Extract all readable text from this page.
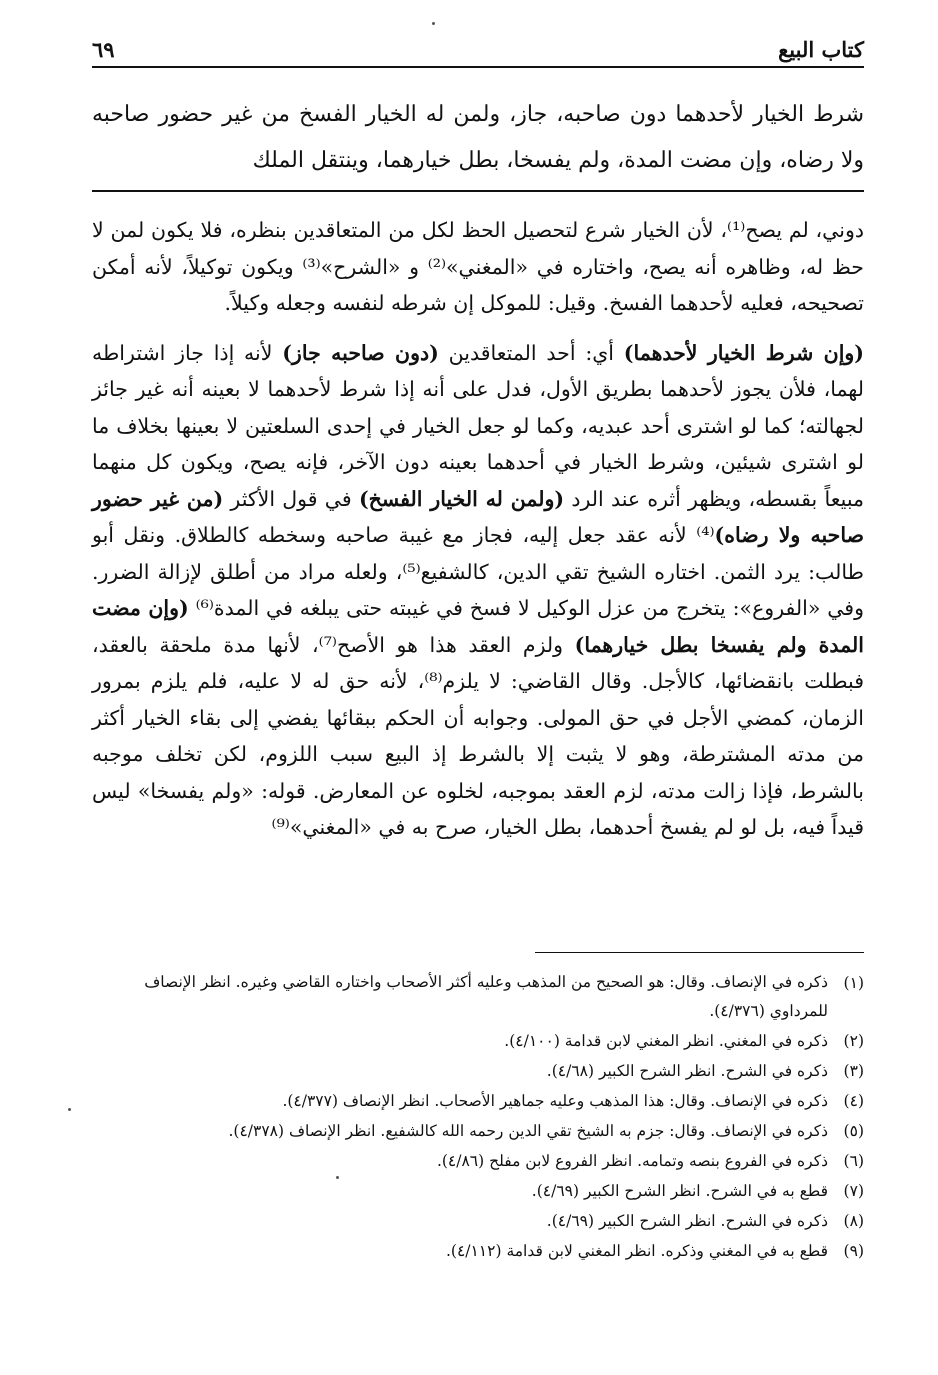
كتاب البيع
٦٩

شرط الخيار لأحدهما دون صاحبه، جاز، ولمن له الخيار الفسخ من غير حضور صاحبه ولا رضاه، وإن مضت المدة، ولم يفسخا، بطل خيارهما، وينتقل الملك

دوني، لم يصح⁽¹⁾، لأن الخيار شرع لتحصيل الحظ لكل من المتعاقدين بنظره، فلا يكون لمن لا حظ له، وظاهره أنه يصح، واختاره في «المغني»⁽²⁾ و «الشرح»⁽³⁾ ويكون توكيلاً، لأنه أمكن تصحيحه، فعليه لأحدهما الفسخ. وقيل: للموكل إن شرطه لنفسه وجعله وكيلاً.

(وإن شرط الخيار لأحدهما) أي: أحد المتعاقدين (دون صاحبه جاز) لأنه إذا جاز اشتراطه لهما، فلأن يجوز لأحدهما بطريق الأول، فدل على أنه إذا شرط لأحدهما لا بعينه أنه غير جائز لجهالته؛ كما لو اشترى أحد عبديه، وكما لو جعل الخيار في إحدى السلعتين لا بعينها بخلاف ما لو اشترى شيئين، وشرط الخيار في أحدهما بعينه دون الآخر، فإنه يصح، ويكون كل منهما مبيعاً بقسطه، ويظهر أثره عند الرد (ولمن له الخيار الفسخ) في قول الأكثر (من غير حضور صاحبه ولا رضاه)⁽⁴⁾ لأنه عقد جعل إليه، فجاز مع غيبة صاحبه وسخطه كالطلاق. ونقل أبو طالب: يرد الثمن. اختاره الشيخ تقي الدين، كالشفيع⁽⁵⁾، ولعله مراد من أطلق لإزالة الضرر. وفي «الفروع»: يتخرج من عزل الوكيل لا فسخ في غيبته حتى يبلغه في المدة⁽⁶⁾ (وإن مضت المدة ولم يفسخا بطل خيارهما) ولزم العقد هذا هو الأصح⁽⁷⁾، لأنها مدة ملحقة بالعقد، فبطلت بانقضائها، كالأجل. وقال القاضي: لا يلزم⁽⁸⁾، لأنه حق له لا عليه، فلم يلزم بمرور الزمان، كمضي الأجل في حق المولى. وجوابه أن الحكم ببقائها يفضي إلى بقاء الخيار أكثر من مدته المشترطة، وهو لا يثبت إلا بالشرط إذ البيع سبب اللزوم، لكن تخلف موجبه بالشرط، فإذا زالت مدته، لزم العقد بموجبه، لخلوه عن المعارض. قوله: «ولم يفسخا» ليس قيداً فيه، بل لو لم يفسخ أحدهما، بطل الخيار، صرح به في «المغني»⁽⁹⁾

(١)
ذكره في الإنصاف. وقال: هو الصحيح من المذهب وعليه أكثر الأصحاب واختاره القاضي وغيره. انظر الإنصاف للمرداوي (٤/٣٧٦).
(٢)
ذكره في المغني. انظر المغني لابن قدامة (٤/١٠٠).
(٣)
ذكره في الشرح. انظر الشرح الكبير (٤/٦٨).
(٤)
ذكره في الإنصاف. وقال: هذا المذهب وعليه جماهير الأصحاب. انظر الإنصاف (٤/٣٧٧).
(٥)
ذكره في الإنصاف. وقال: جزم به الشيخ تقي الدين رحمه الله كالشفيع. انظر الإنصاف (٤/٣٧٨).
(٦)
ذكره في الفروع بنصه وتمامه. انظر الفروع لابن مفلح (٤/٨٦).
(٧)
قطع به في الشرح. انظر الشرح الكبير (٤/٦٩).
(٨)
ذكره في الشرح. انظر الشرح الكبير (٤/٦٩).
(٩)
قطع به في المغني وذكره. انظر المغني لابن قدامة (٤/١١٢).
